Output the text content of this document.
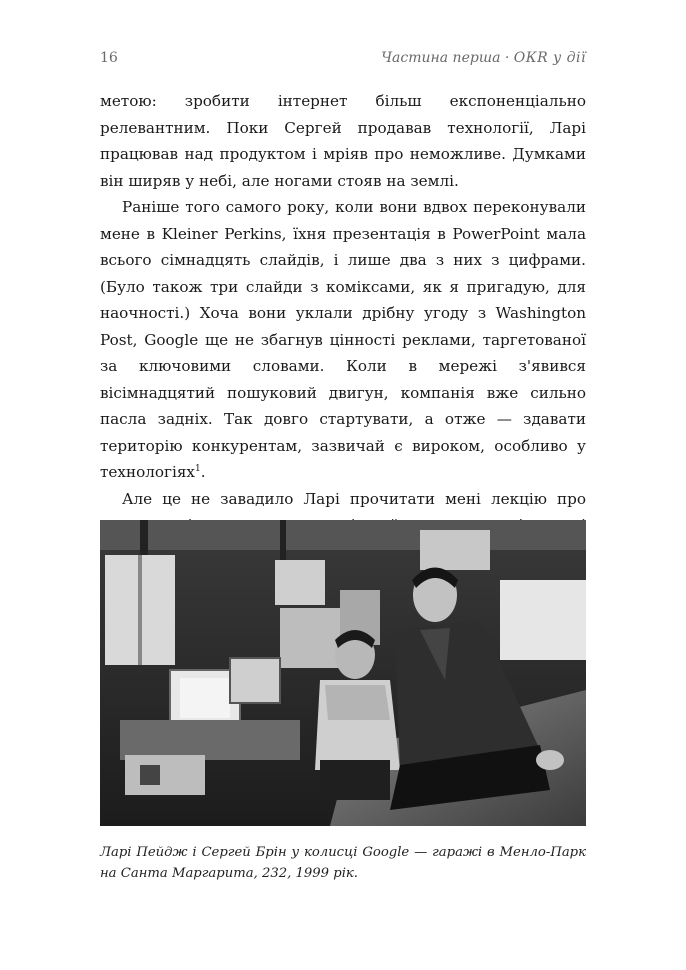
16	Частина перша · ОКR у дії

метою: зробити інтернет більш експоненціально релевантним. Поки Сергей продавав технології, Ларі працював над продуктом і мріяв про неможливе. Думками він ширяв у небі, але ногами стояв на землі.

Раніше того самого року, коли вони вдвох переконували мене в Kleiner Perkins, їхня презентація в PowerPoint мала всього сімнадцять слайдів, і лише два з них з цифрами. (Було також три слайди з коміксами, як я пригадую, для наочності.) Хоча вони уклали дрібну угоду з Washington Post, Google ще не збагнув цінності реклами, таргетованої за ключовими словами. Коли в мережі з'явився вісімнадцятий пошуковий двигун, компанія вже сильно пасла задніх. Так довго стартувати, а отже — здавати територію конкурентам, зазвичай є вироком, особливо у технологіях$^1$.

Але це не завадило Ларі прочитати мені лекцію про

Ларі Пейдж і Сергей Брін у колисці Google — гаражі в Менло-Парк на Санта Маргарита, 232, 1999 рік.
